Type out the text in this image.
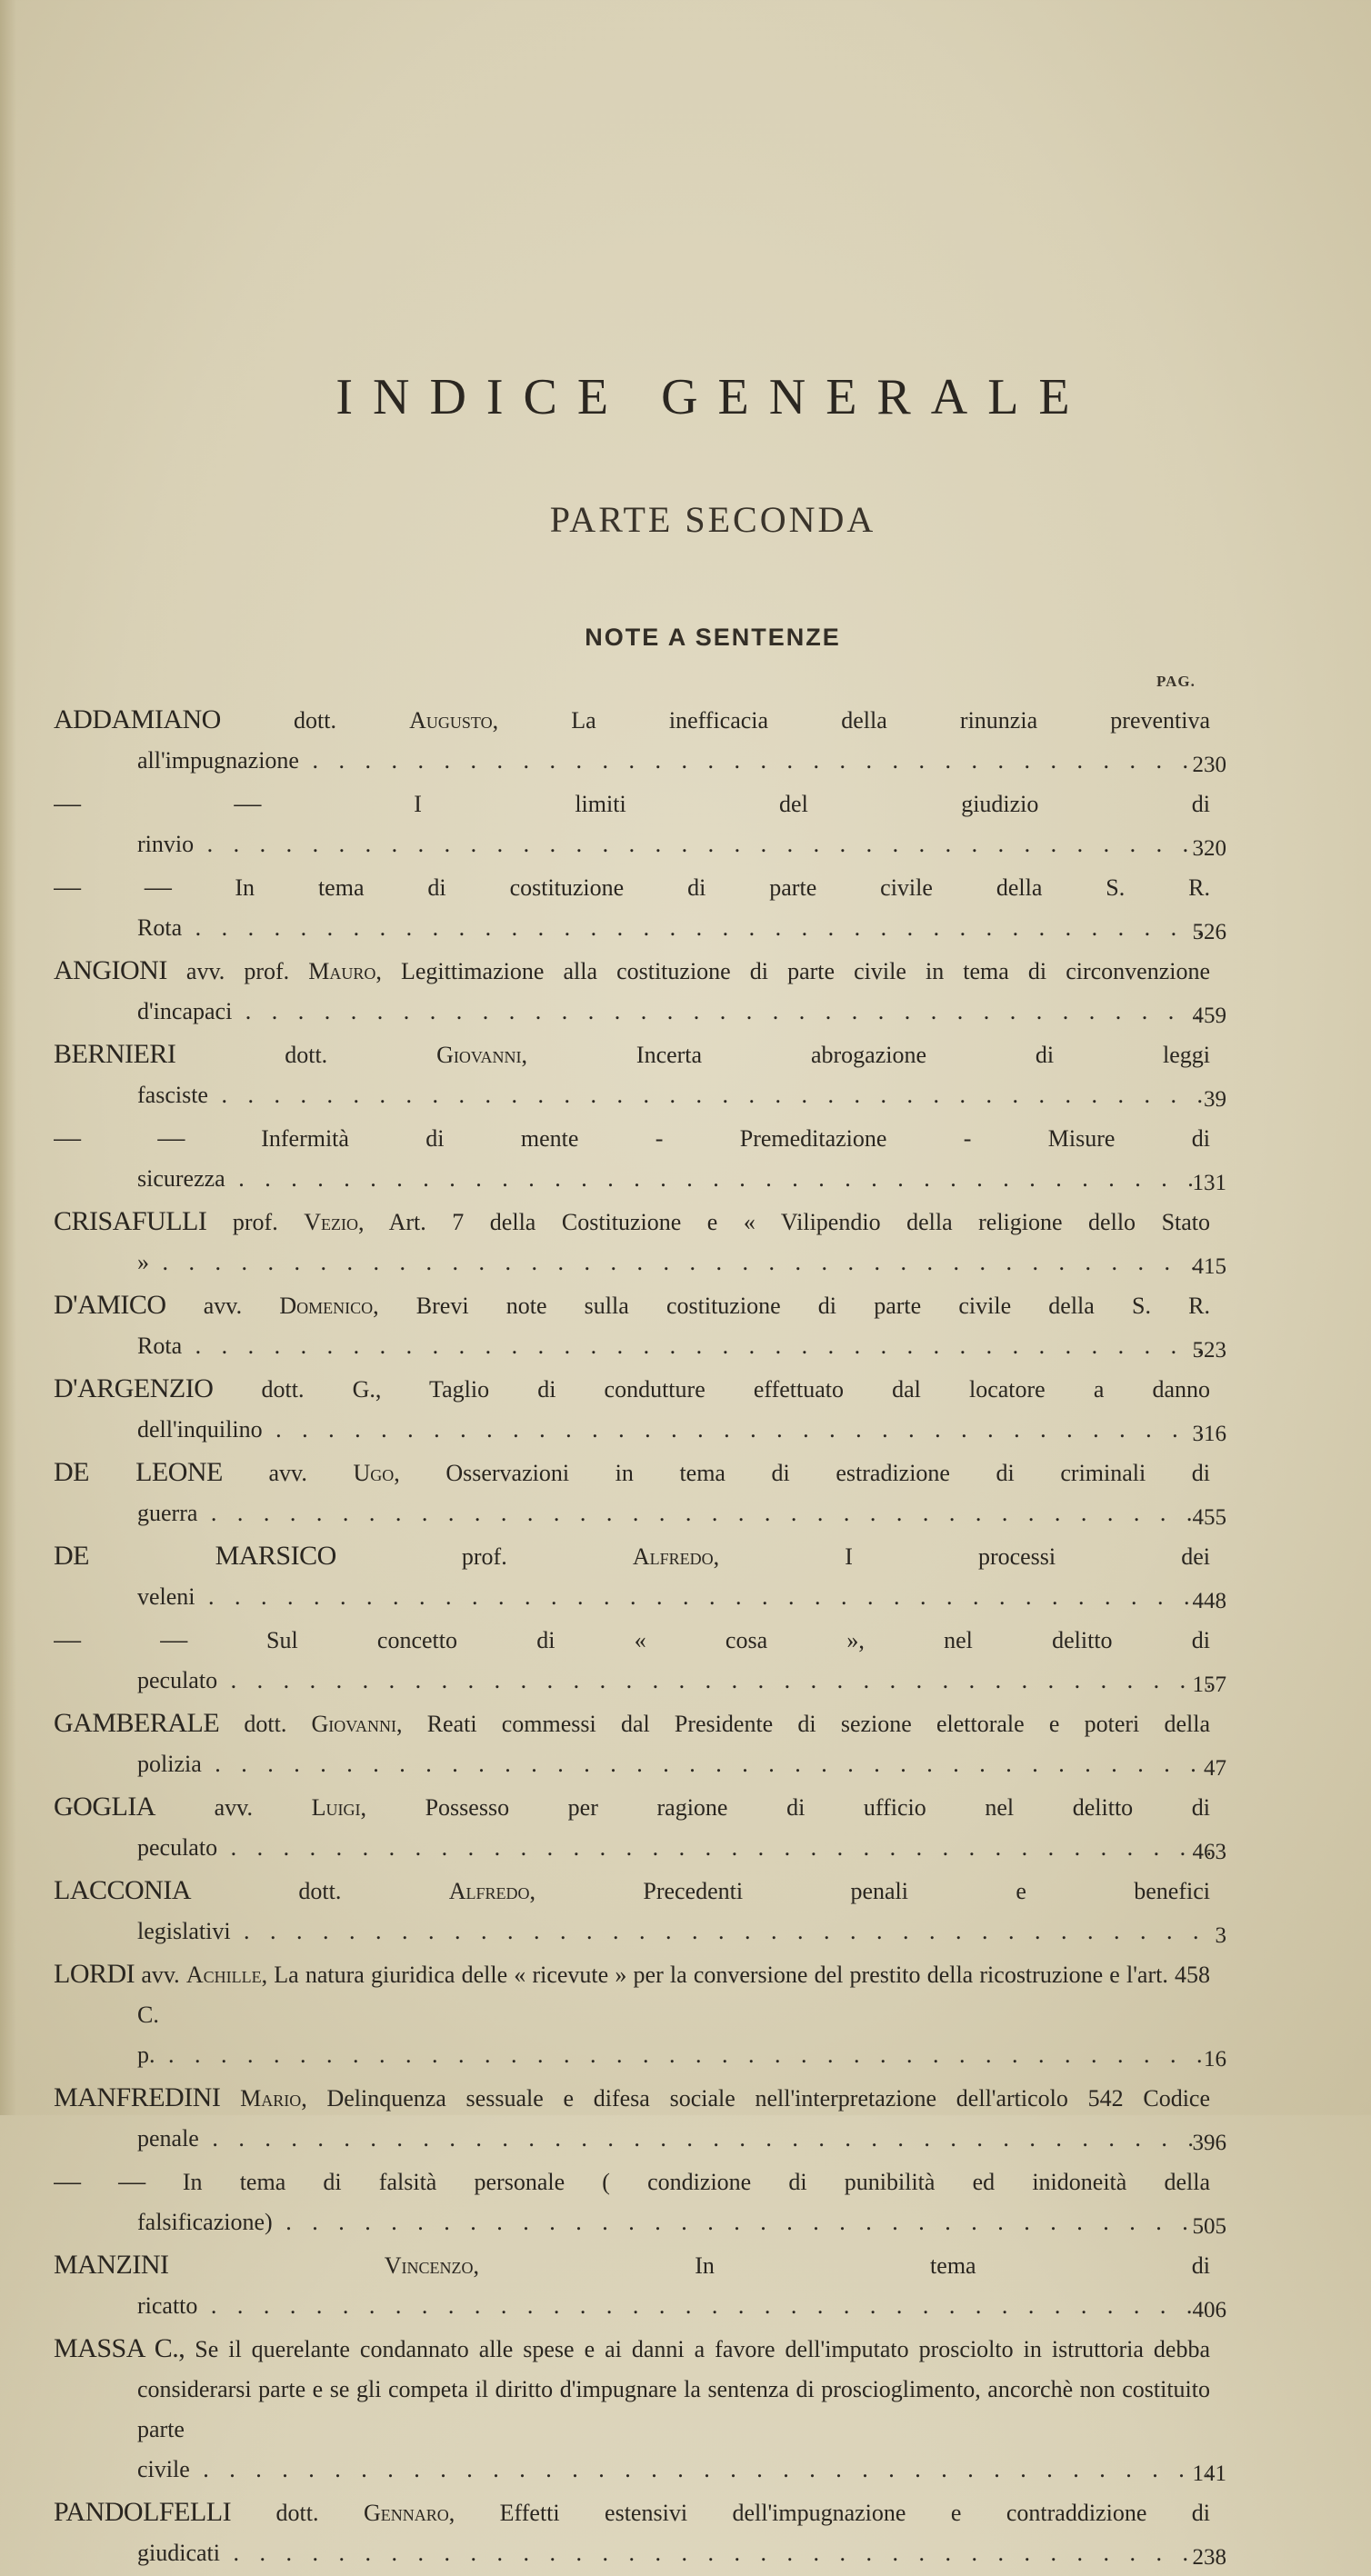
INDICE GENERALE
PARTE SECONDA
NOTE A SENTENZE
PAG.
ADDAMIANO	dott.	Augusto,	La inefficacia della rinunzia preventiva all'impugnazione . . .	230
— —	I limiti del giudizio di rinvio . . .	320
— —	In tema di costituzione di parte civile della S. R. Rota . . .	526
ANGIONI avv. prof. Mauro, Legittimazione alla costituzione di parte civile in tema di circonvenzione d'incapaci . . .	459
BERNIERI	dott.	Giovanni,	Incerta abrogazione di leggi fasciste . . .	39
— —	Infermità di mente - Premeditazione - Misure di sicurezza . . .	131
CRISAFULLI prof. Vezio, Art. 7 della Costituzione e « Vilipendio della religione dello Stato » . . .	415
D'AMICO avv. Domenico, Brevi note sulla costituzione di parte civile della S. R. Rota . . .	523
D'ARGENZIO dott. G., Taglio di condutture effettuato dal locatore a danno dell'inquilino . . .	316
DE LEONE avv. Ugo, Osservazioni in tema di estradizione di criminali di guerra . . .	455
DE MARSICO	prof.	Alfredo,	I processi dei veleni . . .	448
— —	Sul concetto di « cosa », nel delitto di peculato . . .	157
GAMBERALE dott. Giovanni, Reati commessi dal Presidente di sezione elettorale e poteri della polizia . . .	47
GOGLIA avv. Luigi, Possesso per ragione di ufficio nel delitto di peculato . . .	463
LACCONIA	dott.	Alfredo,	Precedenti penali e benefici legislativi . . .	3
LORDI avv. Achille, La natura giuridica delle « ricevute » per la conversione del prestito della ricostruzione e l'art. 458 C. p. . . .	16
MANFREDINI Mario, Delinquenza sessuale e difesa sociale nell'interpretazione dell'articolo 542 Codice penale . . .	396
— — In tema di falsità personale ( condizione di punibilità ed inidoneità della falsificazione) . . .	505
MANZINI	Vincenzo,	In tema di ricatto . . .	406
MASSA C., Se il querelante condannato alle spese e ai danni a favore dell'imputato prosciolto in istruttoria debba considerarsi parte e se gli competa il diritto d'impugnare la sentenza di proscioglimento, ancorchè non costituito parte civile . . .	141
PANDOLFELLI dott. Gennaro, Effetti estensivi dell'impugnazione e contraddizione di giudicati . . .	238
